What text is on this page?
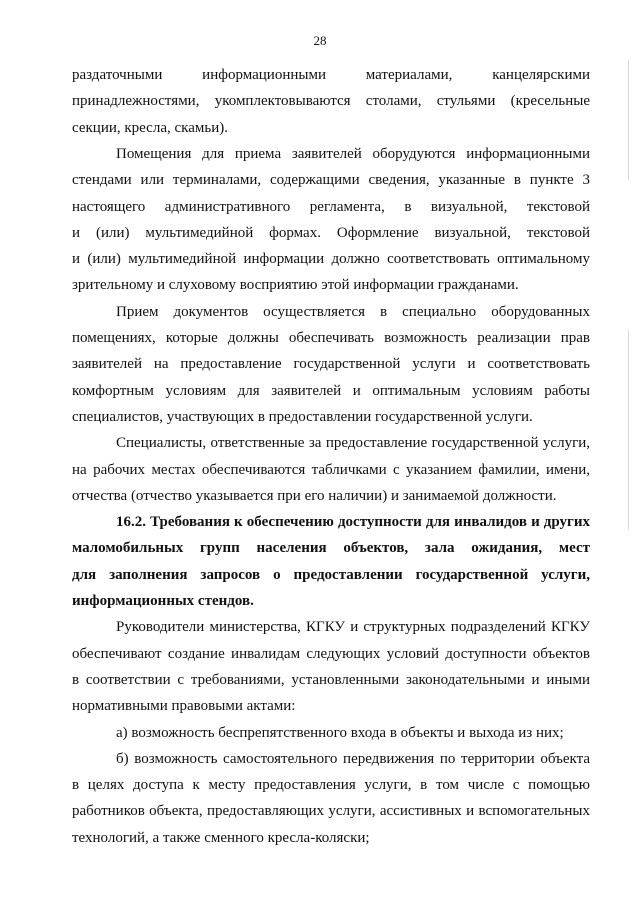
28
раздаточными информационными материалами, канцелярскими
принадлежностями, укомплектовываются столами, стульями (кресельные
секции, кресла, скамьи).
Помещения для приема заявителей оборудуются информационными
стендами или терминалами, содержащими сведения, указанные в пункте 3
настоящего административного регламента, в визуальной, текстовой
и (или) мультимедийной формах. Оформление визуальной, текстовой
и (или) мультимедийной информации должно соответствовать оптимальному
зрительному и слуховому восприятию этой информации гражданами.
Прием документов осуществляется в специально оборудованных
помещениях, которые должны обеспечивать возможность реализации прав
заявителей на предоставление государственной услуги и соответствовать
комфортным условиям для заявителей и оптимальным условиям работы
специалистов, участвующих в предоставлении государственной услуги.
Специалисты, ответственные за предоставление государственной услуги,
на рабочих местах обеспечиваются табличками с указанием фамилии, имени,
отчества (отчество указывается при его наличии) и занимаемой должности.
16.2. Требования к обеспечению доступности для инвалидов и других
маломобильных групп населения объектов, зала ожидания, мест
для заполнения запросов о предоставлении государственной услуги,
информационных стендов.
Руководители министерства, КГКУ и структурных подразделений КГКУ
обеспечивают создание инвалидам следующих условий доступности объектов
в соответствии с требованиями, установленными законодательными и иными
нормативными правовыми актами:
а) возможность беспрепятственного входа в объекты и выхода из них;
б) возможность самостоятельного передвижения по территории объекта
в целях доступа к месту предоставления услуги, в том числе с помощью
работников объекта, предоставляющих услуги, ассистивных и вспомогательных
технологий, а также сменного кресла-коляски;
